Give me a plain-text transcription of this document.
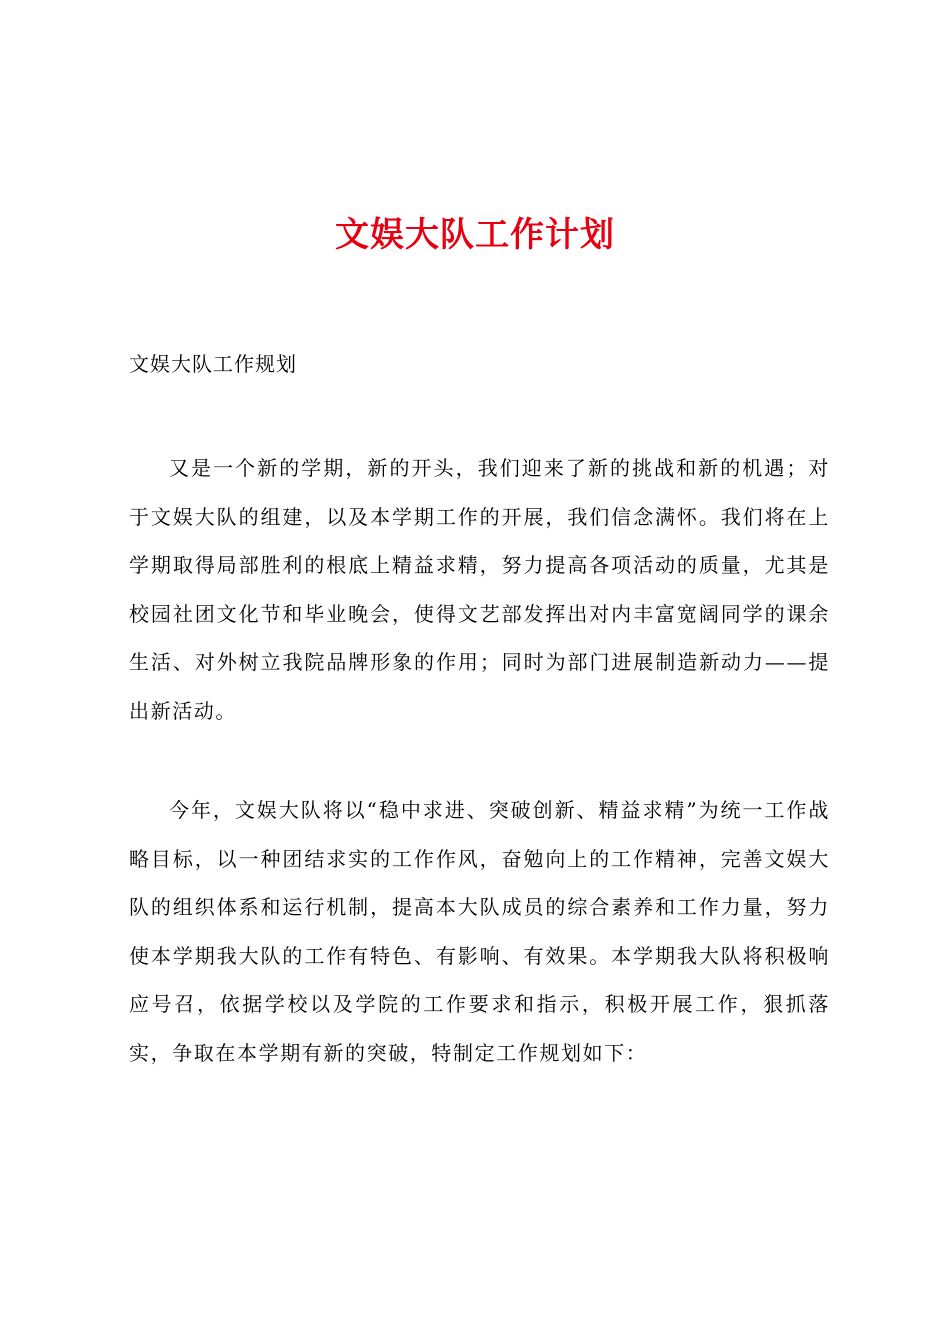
文娱大队工作计划

文娱大队工作规划

又是一个新的学期，新的开头，我们迎来了新的挑战和新的机遇；对于文娱大队的组建，以及本学期工作的开展，我们信念满怀。我们将在上学期取得局部胜利的根底上精益求精，努力提高各项活动的质量，尤其是校园社团文化节和毕业晚会，使得文艺部发挥出对内丰富宽阔同学的课余生活、对外树立我院品牌形象的作用；同时为部门进展制造新动力——提出新活动。

今年，文娱大队将以“稳中求进、突破创新、精益求精”为统一工作战略目标，以一种团结求实的工作作风，奋勉向上的工作精神，完善文娱大队的组织体系和运行机制，提高本大队成员的综合素养和工作力量，努力使本学期我大队的工作有特色、有影响、有效果。本学期我大队将积极响应号召，依据学校以及学院的工作要求和指示，积极开展工作，狠抓落实，争取在本学期有新的突破，特制定工作规划如下：
